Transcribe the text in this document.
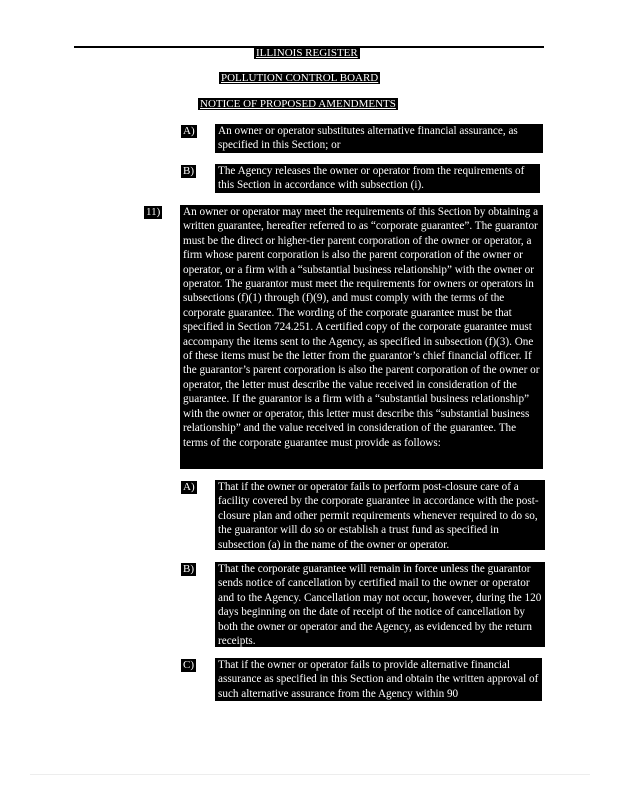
ILLINOIS REGISTER
POLLUTION CONTROL BOARD
NOTICE OF PROPOSED AMENDMENTS
A) An owner or operator substitutes alternative financial assurance, as specified in this Section; or
B) The Agency releases the owner or operator from the requirements of this Section in accordance with subsection (i).
11) An owner or operator may meet the requirements of this Section by obtaining a written guarantee, hereafter referred to as “corporate guarantee”. The guarantor must be the direct or higher-tier parent corporation of the owner or operator, a firm whose parent corporation is also the parent corporation of the owner or operator, or a firm with a “substantial business relationship” with the owner or operator. The guarantor must meet the requirements for owners or operators in subsections (f)(1) through (f)(9), and must comply with the terms of the corporate guarantee. The wording of the corporate guarantee must be that specified in Section 724.251. A certified copy of the corporate guarantee must accompany the items sent to the Agency, as specified in subsection (f)(3). One of these items must be the letter from the guarantor’s chief financial officer. If the guarantor’s parent corporation is also the parent corporation of the owner or operator, the letter must describe the value received in consideration of the guarantee. If the guarantor is a firm with a “substantial business relationship” with the owner or operator, this letter must describe this “substantial business relationship” and the value received in consideration of the guarantee. The terms of the corporate guarantee must provide as follows:
A) That if the owner or operator fails to perform post-closure care of a facility covered by the corporate guarantee in accordance with the post-closure plan and other permit requirements whenever required to do so, the guarantor will do so or establish a trust fund as specified in subsection (a) in the name of the owner or operator.
B) That the corporate guarantee will remain in force unless the guarantor sends notice of cancellation by certified mail to the owner or operator and to the Agency. Cancellation may not occur, however, during the 120 days beginning on the date of receipt of the notice of cancellation by both the owner or operator and the Agency, as evidenced by the return receipts.
C) That if the owner or operator fails to provide alternative financial assurance as specified in this Section and obtain the written approval of such alternative assurance from the Agency within 90
